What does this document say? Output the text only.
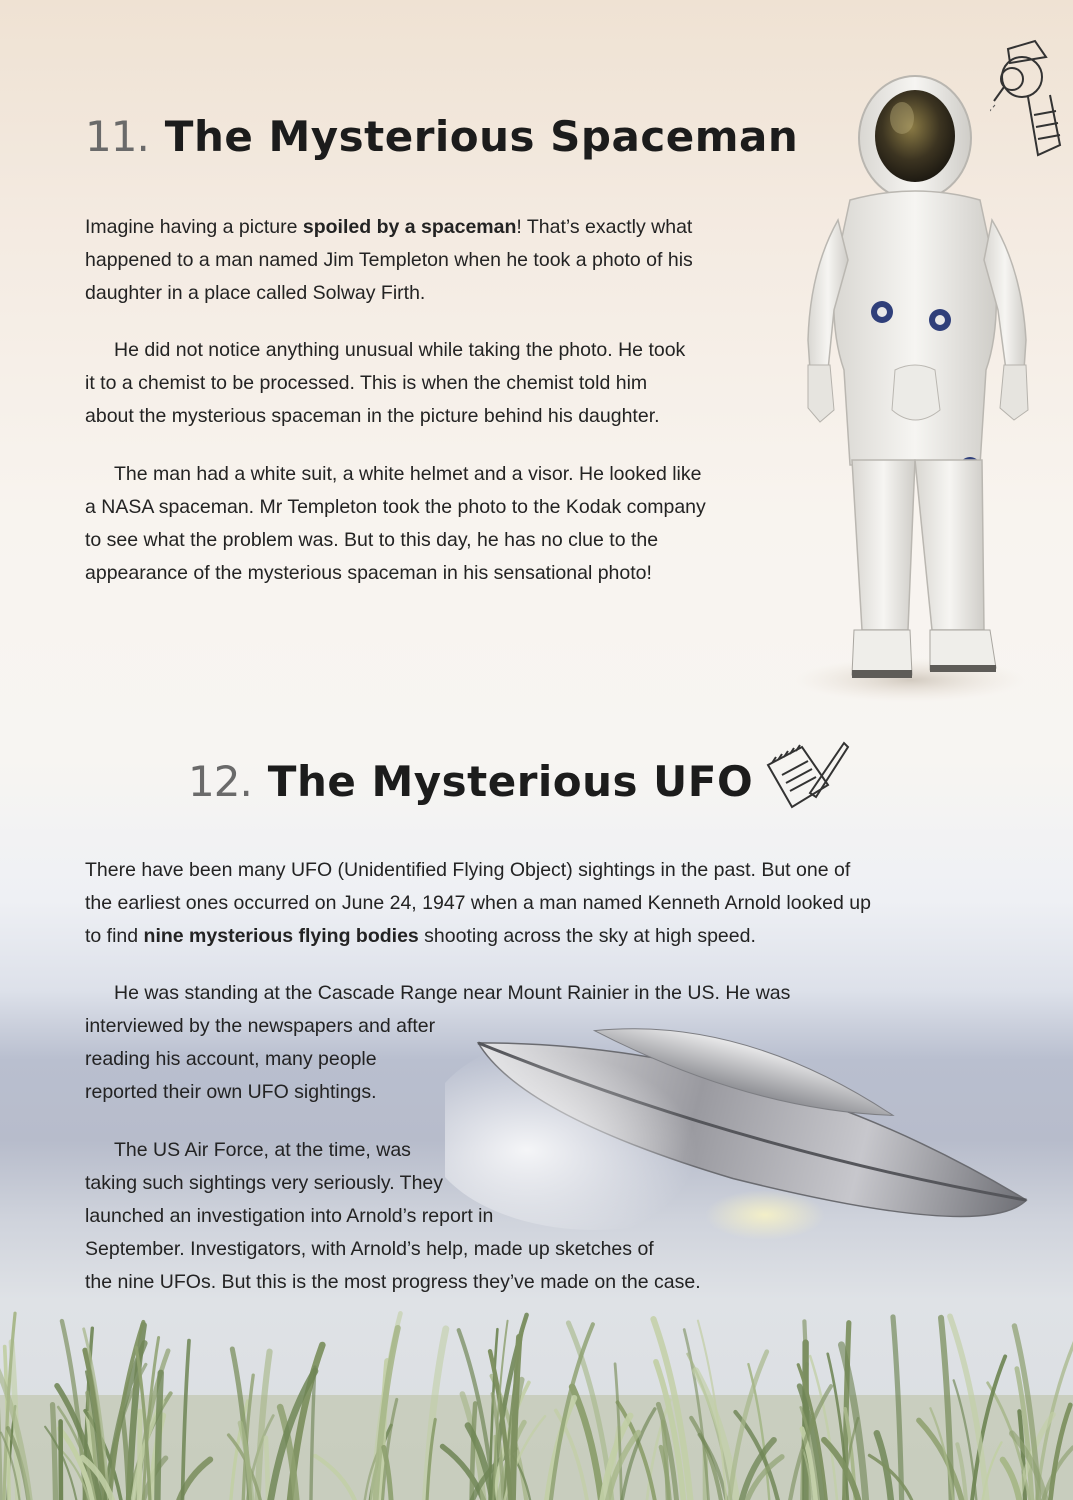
11. The Mysterious Spaceman
Imagine having a picture spoiled by a spaceman! That’s exactly what
happened to a man named Jim Templeton when he took a photo of his
daughter in a place called Solway Firth.
He did not notice anything unusual while taking the photo. He took
it to a chemist to be processed. This is when the chemist told him
about the mysterious spaceman in the picture behind his daughter.
The man had a white suit, a white helmet and a visor. He looked like
a NASA spaceman. Mr Templeton took the photo to the Kodak company
to see what the problem was. But to this day, he has no clue to the
appearance of the mysterious spaceman in his sensational photo!
12. The Mysterious UFO
There have been many UFO (Unidentified Flying Object) sightings in the past. But one of
the earliest ones occurred on June 24, 1947 when a man named Kenneth Arnold looked up
to find nine mysterious flying bodies shooting across the sky at high speed.
He was standing at the Cascade Range near Mount Rainier in the US. He was
interviewed by the newspapers and after
reading his account, many people
reported their own UFO sightings.
The US Air Force, at the time, was
taking such sightings very seriously. They
launched an investigation into Arnold’s report in
September. Investigators, with Arnold’s help, made up sketches of
the nine UFOs. But this is the most progress they’ve made on the case.
